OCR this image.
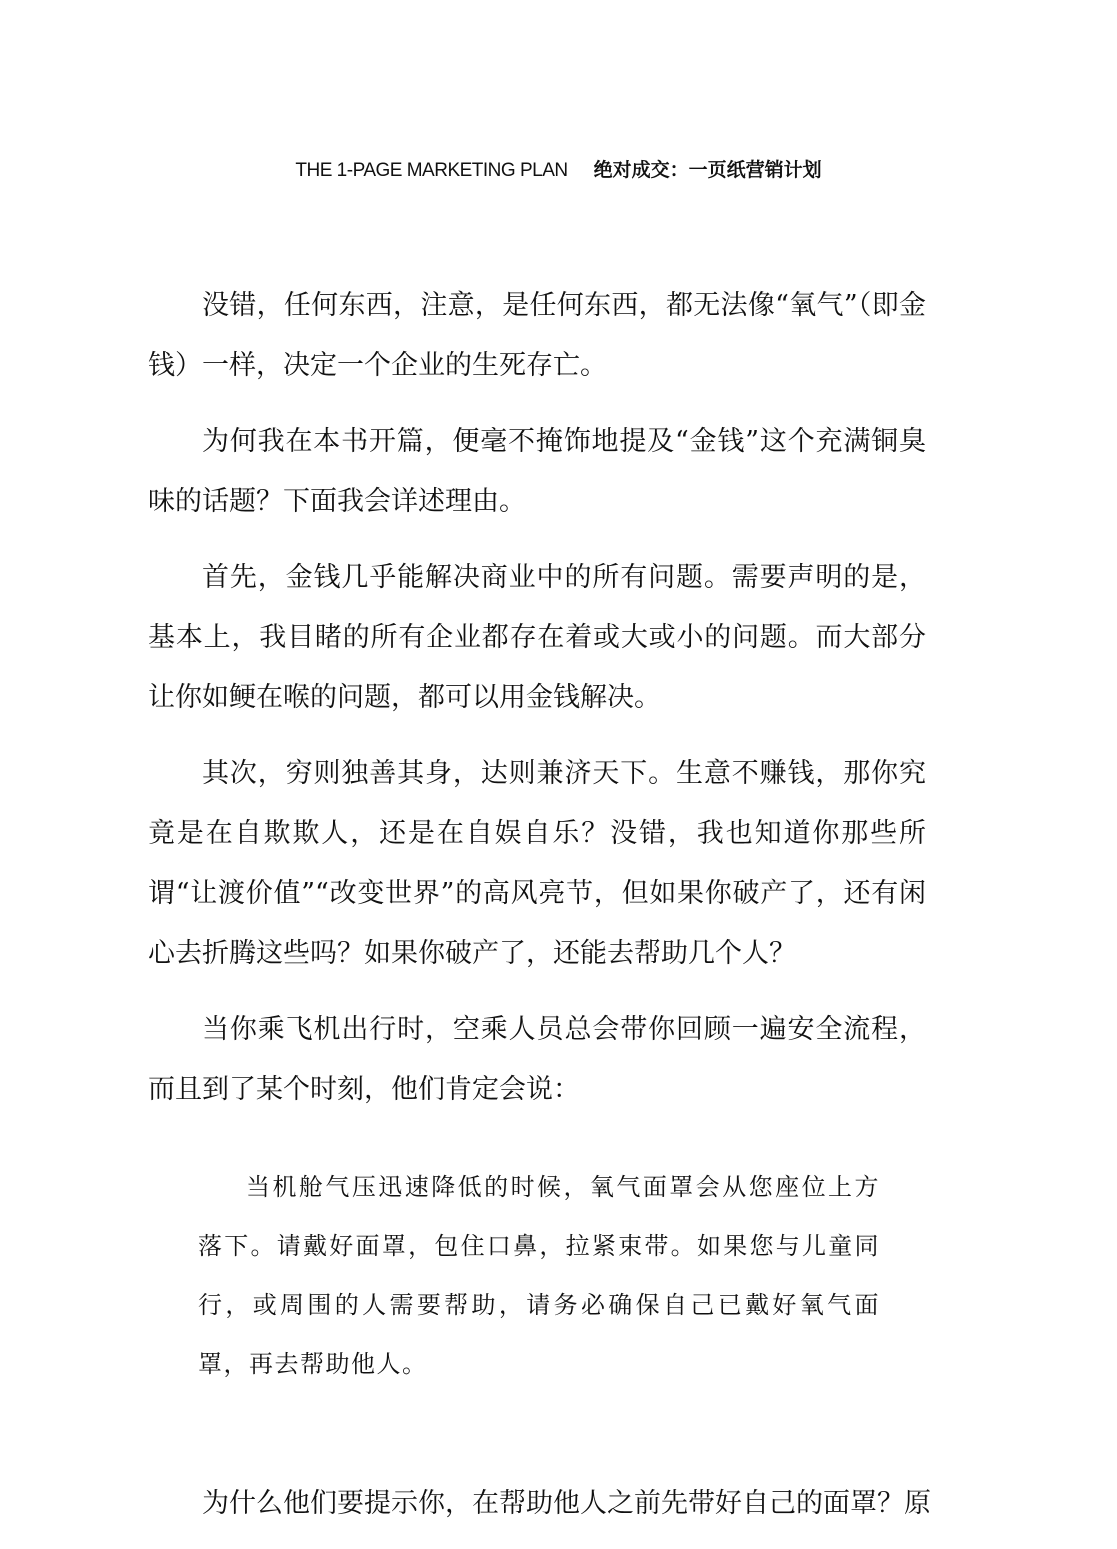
THE 1-PAGE MARKETING PLAN 绝对成交：一页纸营销计划

没错，任何东西，注意，是任何东西，都无法像“氧气”（即金钱）一样，决定一个企业的生死存亡。

为何我在本书开篇，便毫不掩饰地提及“金钱”这个充满铜臭味的话题？下面我会详述理由。

首先，金钱几乎能解决商业中的所有问题。需要声明的是，基本上，我目睹的所有企业都存在着或大或小的问题。而大部分让你如鲠在喉的问题，都可以用金钱解决。

其次，穷则独善其身，达则兼济天下。生意不赚钱，那你究竟是在自欺欺人，还是在自娱自乐？没错，我也知道你那些所谓“让渡价值”“改变世界”的高风亮节，但如果你破产了，还有闲心去折腾这些吗？如果你破产了，还能去帮助几个人？

当你乘飞机出行时，空乘人员总会带你回顾一遍安全流程，而且到了某个时刻，他们肯定会说：

当机舱气压迅速降低的时候，氧气面罩会从您座位上方落下。请戴好面罩，包住口鼻，拉紧束带。如果您与儿童同行，或周围的人需要帮助，请务必确保自己已戴好氧气面罩，再去帮助他人。

为什么他们要提示你，在帮助他人之前先带好自己的面罩？原
